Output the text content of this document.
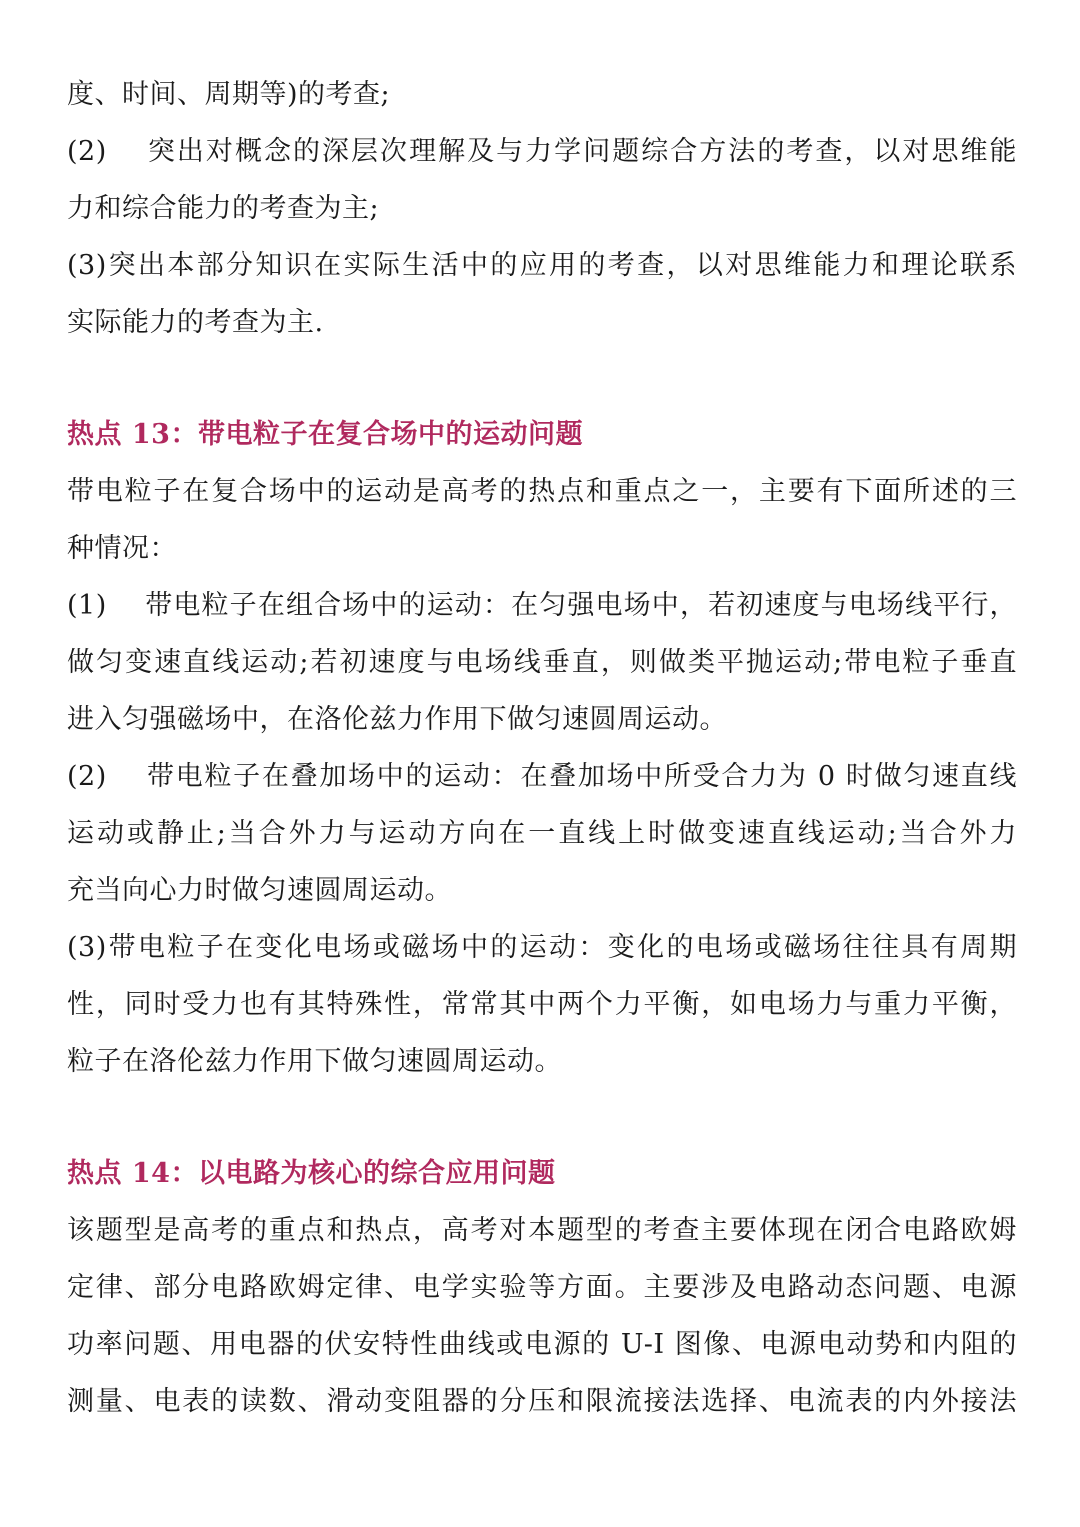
度、时间、周期等)的考查;
(2)　 突出对概念的深层次理解及与力学问题综合方法的考查，以对思维能
力和综合能力的考查为主;
(3)突出本部分知识在实际生活中的应用的考查，以对思维能力和理论联系
实际能力的考查为主.
热点 13：带电粒子在复合场中的运动问题
带电粒子在复合场中的运动是高考的热点和重点之一，主要有下面所述的三
种情况：
(1)　 带电粒子在组合场中的运动：在匀强电场中，若初速度与电场线平行，
做匀变速直线运动;若初速度与电场线垂直，则做类平抛运动;带电粒子垂直
进入匀强磁场中，在洛伦兹力作用下做匀速圆周运动。
(2)　 带电粒子在叠加场中的运动：在叠加场中所受合力为 0 时做匀速直线
运动或静止;当合外力与运动方向在一直线上时做变速直线运动;当合外力
充当向心力时做匀速圆周运动。
(3)带电粒子在变化电场或磁场中的运动：变化的电场或磁场往往具有周期
性，同时受力也有其特殊性，常常其中两个力平衡，如电场力与重力平衡，
粒子在洛伦兹力作用下做匀速圆周运动。
热点 14：以电路为核心的综合应用问题
该题型是高考的重点和热点，高考对本题型的考查主要体现在闭合电路欧姆
定律、部分电路欧姆定律、电学实验等方面。主要涉及电路动态问题、电源
功率问题、用电器的伏安特性曲线或电源的 U-I 图像、电源电动势和内阻的
测量、电表的读数、滑动变阻器的分压和限流接法选择、电流表的内外接法
